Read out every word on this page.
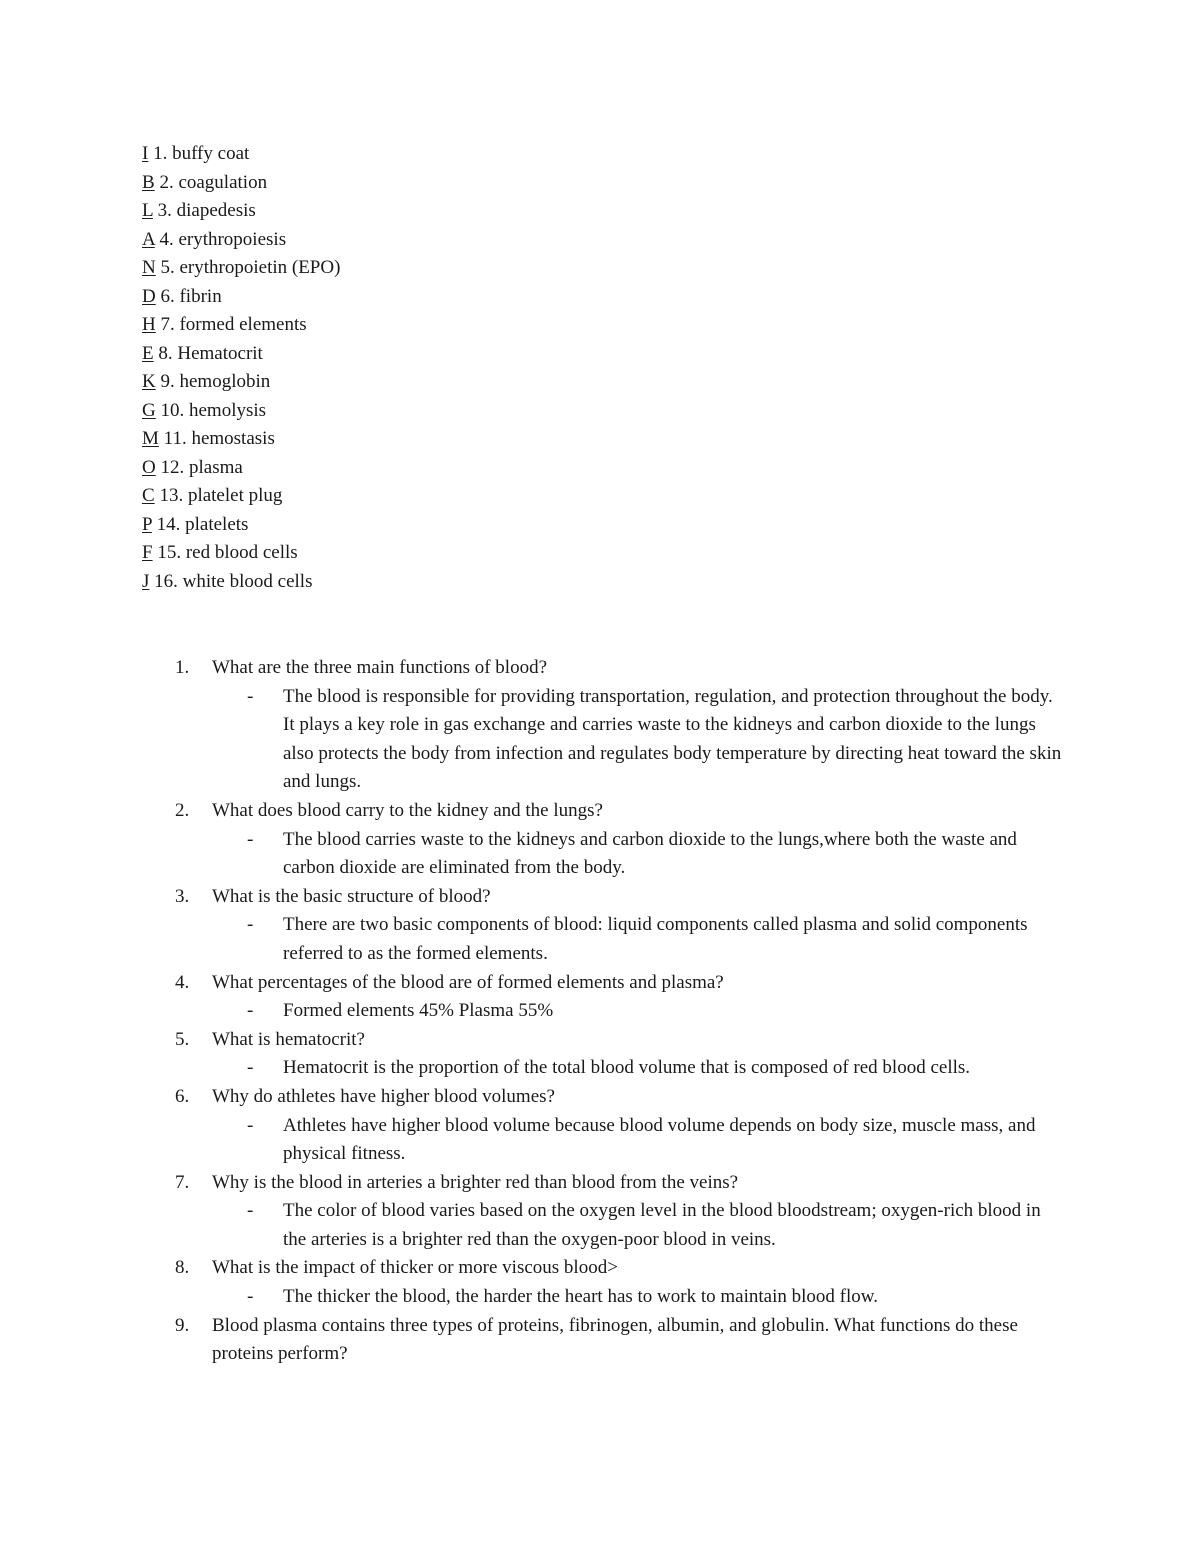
I 1. buffy coat
B 2. coagulation
L 3. diapedesis
A 4. erythropoiesis
N 5. erythropoietin (EPO)
D 6. fibrin
H 7. formed elements
E 8. Hematocrit
K 9. hemoglobin
G 10. hemolysis
M 11. hemostasis
O 12. plasma
C 13. platelet plug
P 14. platelets
F 15. red blood cells
J 16. white blood cells
1. What are the three main functions of blood?
- The blood is responsible for providing transportation, regulation, and protection throughout the body. It plays a key role in gas exchange and carries waste to the kidneys and carbon dioxide to the lungs also protects the body from infection and regulates body temperature by directing heat toward the skin and lungs.
2. What does blood carry to the kidney and the lungs?
- The blood carries waste to the kidneys and carbon dioxide to the lungs,where both the waste and carbon dioxide are eliminated from the body.
3. What is the basic structure of blood?
- There are two basic components of blood: liquid components called plasma and solid components referred to as the formed elements.
4. What percentages of the blood are of formed elements and plasma?
- Formed elements 45% Plasma 55%
5. What is hematocrit?
- Hematocrit is the proportion of the total blood volume that is composed of red blood cells.
6. Why do athletes have higher blood volumes?
- Athletes have higher blood volume because blood volume depends on body size, muscle mass, and physical fitness.
7. Why is the blood in arteries a brighter red than blood from the veins?
- The color of blood varies based on the oxygen level in the blood bloodstream; oxygen-rich blood in the arteries is a brighter red than the oxygen-poor blood in veins.
8. What is the impact of thicker or more viscous blood>
- The thicker the blood, the harder the heart has to work to maintain blood flow.
9. Blood plasma contains three types of proteins, fibrinogen, albumin, and globulin. What functions do these proteins perform?
